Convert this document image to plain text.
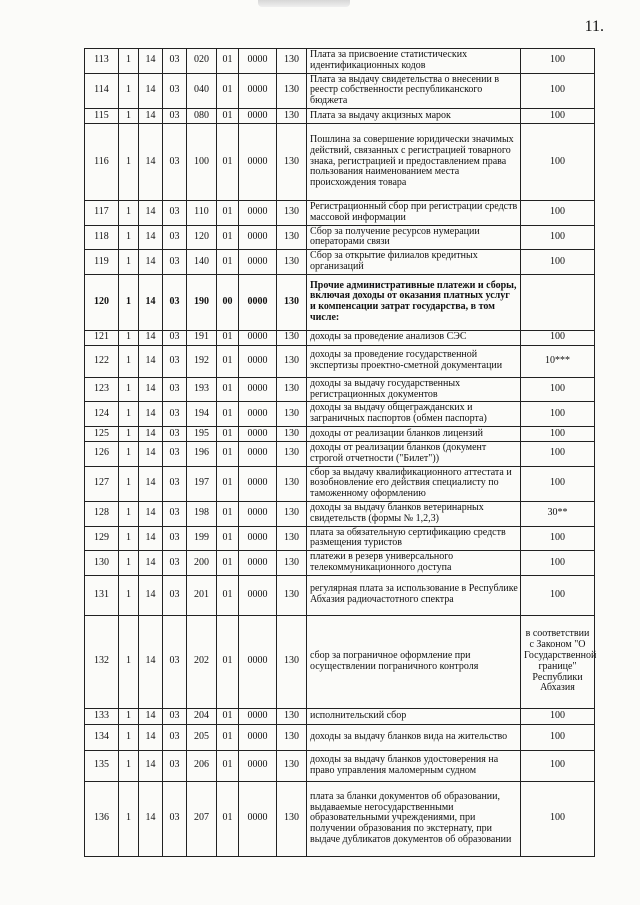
11.
113	1	14	03	020	01	0000	130	Плата за присвоение статистических идентификационных кодов	100
114	1	14	03	040	01	0000	130	Плата за выдачу свидетельства о внесении в реестр собственности республиканского бюджета	100
115	1	14	03	080	01	0000	130	Плата за выдачу акцизных марок	100
116	1	14	03	100	01	0000	130	Пошлина за совершение юридически значимых действий, связанных с регистрацией товарного знака, регистрацией и предоставлением права пользования наименованием места происхождения товара	100
117	1	14	03	110	01	0000	130	Регистрационный сбор при регистрации средств массовой информации	100
118	1	14	03	120	01	0000	130	Сбор за получение ресурсов нумерации операторами связи	100
119	1	14	03	140	01	0000	130	Сбор за открытие филиалов кредитных организаций	100
120	1	14	03	190	00	0000	130	Прочие административные платежи и сборы, включая доходы от оказания платных услуг и компенсации затрат государства, в том числе:	
121	1	14	03	191	01	0000	130	доходы за проведение анализов СЭС	100
122	1	14	03	192	01	0000	130	доходы за проведение государственной экспертизы проектно-сметной документации	10***
123	1	14	03	193	01	0000	130	доходы за выдачу государственных регистрационных документов	100
124	1	14	03	194	01	0000	130	доходы за выдачу общегражданских и заграничных паспортов (обмен паспорта)	100
125	1	14	03	195	01	0000	130	доходы от реализации бланков лицензий	100
126	1	14	03	196	01	0000	130	доходы от реализации бланков (документ строгой отчетности ("Билет"))	100
127	1	14	03	197	01	0000	130	сбор за выдачу квалификационного аттестата и возобновление его действия специалисту по таможенному оформлению	100
128	1	14	03	198	01	0000	130	доходы за выдачу бланков ветеринарных свидетельств (формы № 1,2,3)	30**
129	1	14	03	199	01	0000	130	плата за обязательную сертификацию средств размещения туристов	100
130	1	14	03	200	01	0000	130	платежи в резерв универсального телекоммуникационного доступа	100
131	1	14	03	201	01	0000	130	регулярная плата за использование в Республике Абхазия радиочастотного спектра	100
132	1	14	03	202	01	0000	130	сбор за пограничное оформление при осуществлении пограничного контроля	в соответствии с Законом "О Государственной границе" Республики Абхазия
133	1	14	03	204	01	0000	130	исполнительский сбор	100
134	1	14	03	205	01	0000	130	доходы за выдачу бланков вида на жительство	100
135	1	14	03	206	01	0000	130	доходы за выдачу бланков удостоверения на право управления маломерным судном	100
136	1	14	03	207	01	0000	130	плата за бланки документов об образовании, выдаваемые негосударственными образовательными учреждениями, при получении образования по экстернату, при выдаче дубликатов документов об образовании	100
